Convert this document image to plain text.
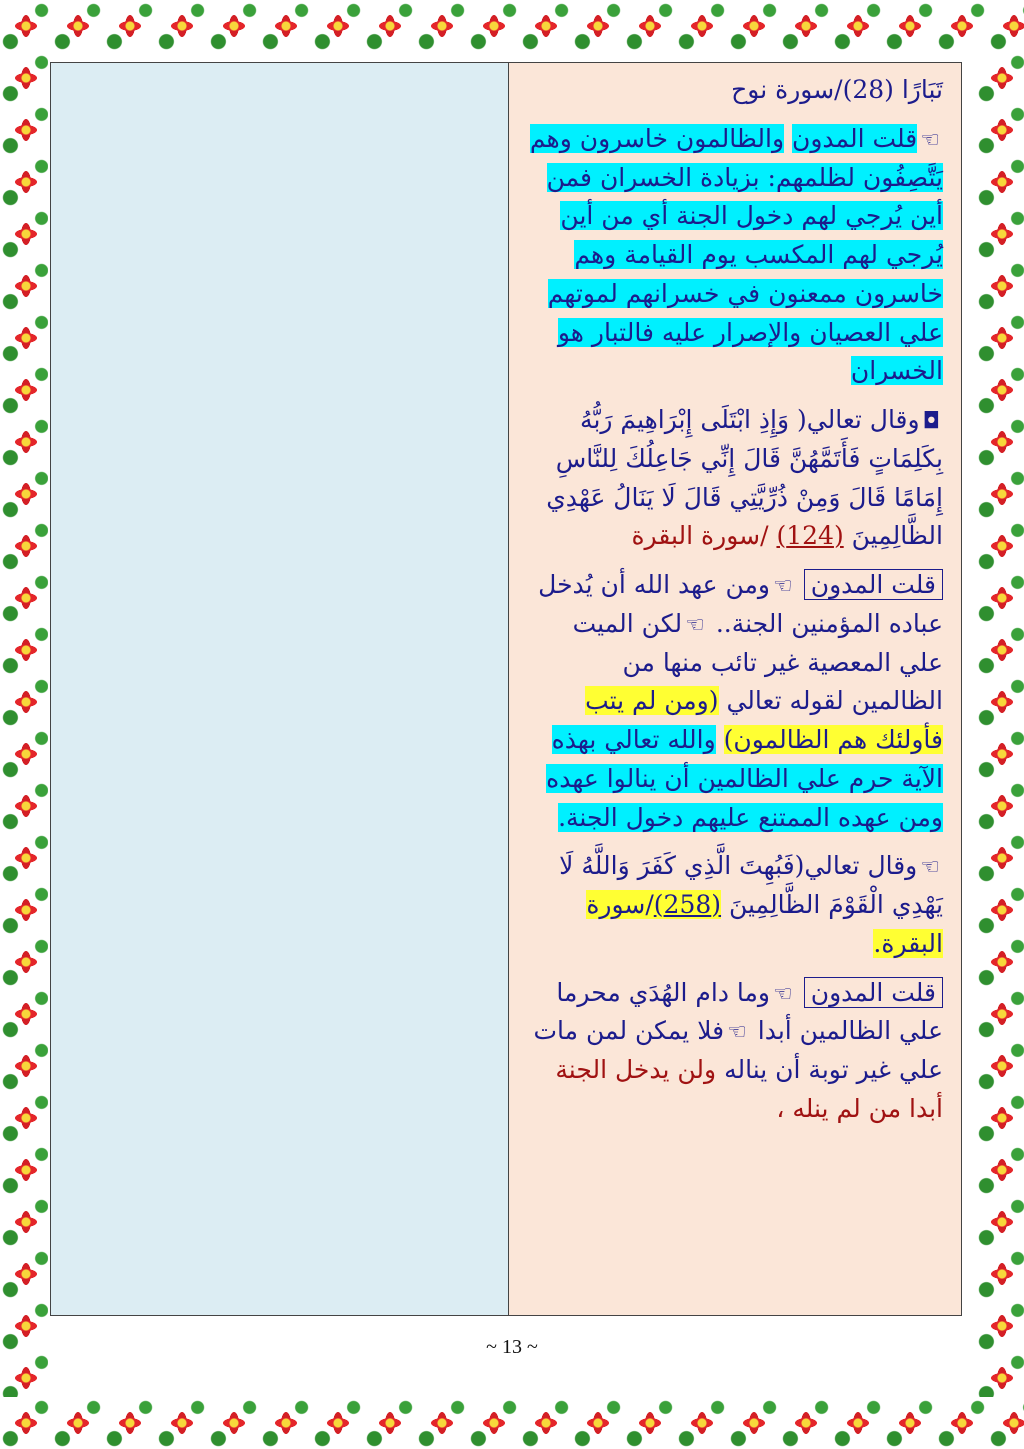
تَبَارًا (28)/سورة نوح

☜قلت المدون والظالمون خاسرون وهم يَتَّصِفُون لظلمهم: بزيادة الخسران فمن أين يُرجي لهم دخول الجنة أي من أين يُرجي لهم المكسب يوم القيامة وهم خاسرون ممعنون في خسرانهم لموتهم علي العصيان والإصرار عليه فالتبار هو الخسران

◘وقال تعالي( وَإِذِ ابْتَلَى إِبْرَاهِيمَ رَبُّهُ بِكَلِمَاتٍ فَأَتَمَّهُنَّ قَالَ إِنِّي جَاعِلُكَ لِلنَّاسِ إِمَامًا قَالَ وَمِنْ ذُرِّيَّتِي قَالَ لَا يَنَالُ عَهْدِي الظَّالِمِينَ (124) /سورة البقرة

قلت المدون ☜ومن عهد الله أن يُدخل عباده المؤمنين الجنة.. ☜لكن الميت علي المعصية غير تائب منها من الظالمين لقوله تعالي (ومن لم يتب فأولئك هم الظالمون) والله تعالي بهذه الآية حرم علي الظالمين أن ينالوا عهده ومن عهده الممتنع عليهم دخول الجنة.

☜وقال تعالي(فَبُهِتَ الَّذِي كَفَرَ وَاللَّهُ لَا يَهْدِي الْقَوْمَ الظَّالِمِينَ (258)/سورة البقرة.

قلت المدون ☜وما دام الهُدَي محرما علي الظالمين أبدا ☜فلا يمكن لمن مات علي غير توبة أن يناله ولن يدخل الجنة أبدا من لم ينله ،

~ 13 ~
